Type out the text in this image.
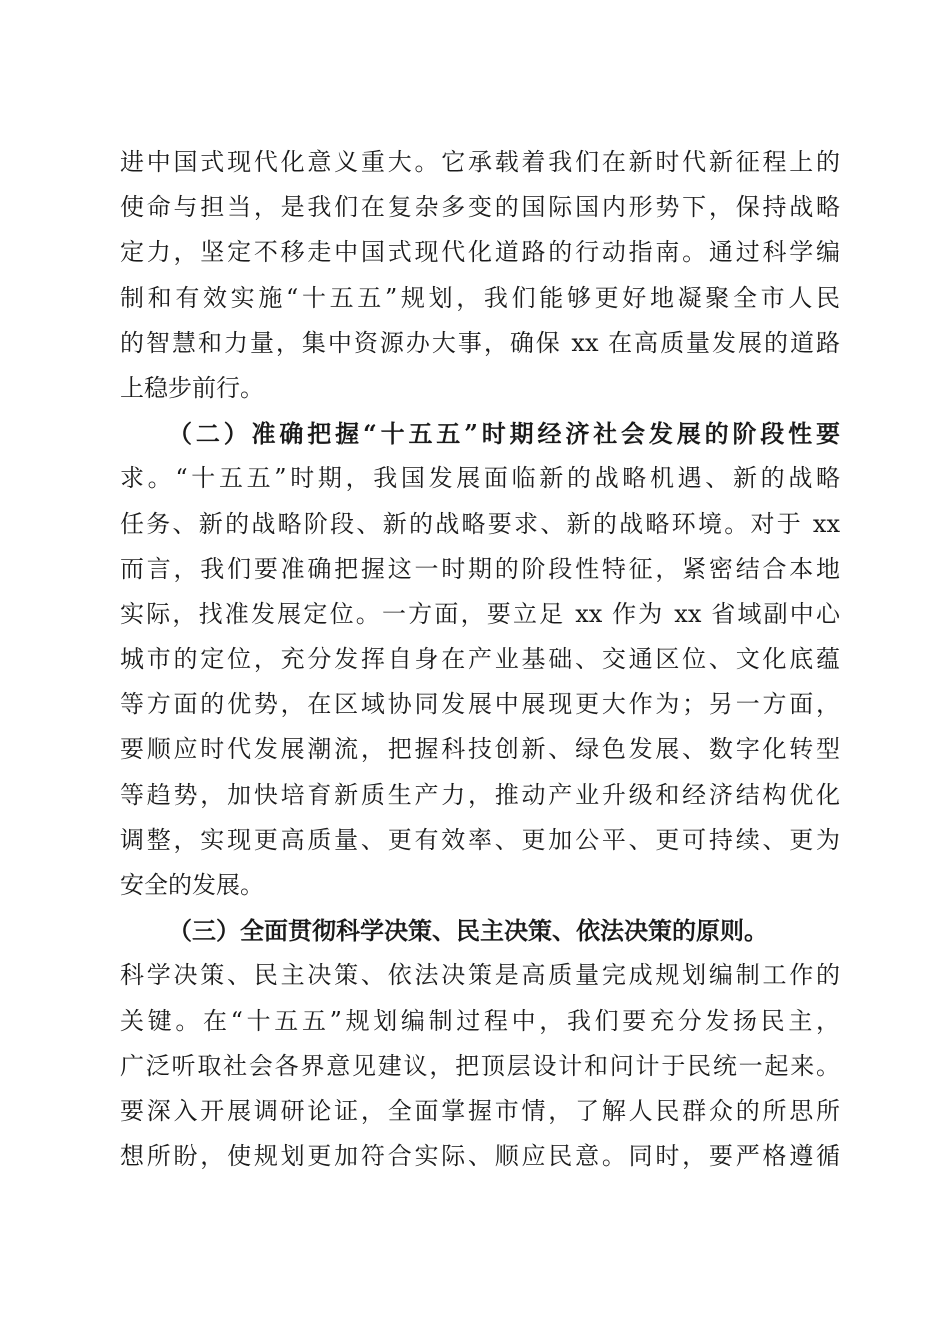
进中国式现代化意义重大。它承载着我们在新时代新征程上的
使命与担当，是我们在复杂多变的国际国内形势下，保持战略
定力，坚定不移走中国式现代化道路的行动指南。通过科学编
制和有效实施“十五五”规划，我们能够更好地凝聚全市人民
的智慧和力量，集中资源办大事，确保 xx 在高质量发展的道路
上稳步前行。
（二）准确把握“十五五”时期经济社会发展的阶段性要
求。“十五五”时期，我国发展面临新的战略机遇、新的战略
任务、新的战略阶段、新的战略要求、新的战略环境。对于 xx
而言，我们要准确把握这一时期的阶段性特征，紧密结合本地
实际，找准发展定位。一方面，要立足 xx 作为 xx 省域副中心
城市的定位，充分发挥自身在产业基础、交通区位、文化底蕴
等方面的优势，在区域协同发展中展现更大作为；另一方面，
要顺应时代发展潮流，把握科技创新、绿色发展、数字化转型
等趋势，加快培育新质生产力，推动产业升级和经济结构优化
调整，实现更高质量、更有效率、更加公平、更可持续、更为
安全的发展。
（三）全面贯彻科学决策、民主决策、依法决策的原则。
科学决策、民主决策、依法决策是高质量完成规划编制工作的
关键。在“十五五”规划编制过程中，我们要充分发扬民主，
广泛听取社会各界意见建议，把顶层设计和问计于民统一起来。
要深入开展调研论证，全面掌握市情，了解人民群众的所思所
想所盼，使规划更加符合实际、顺应民意。同时，要严格遵循
